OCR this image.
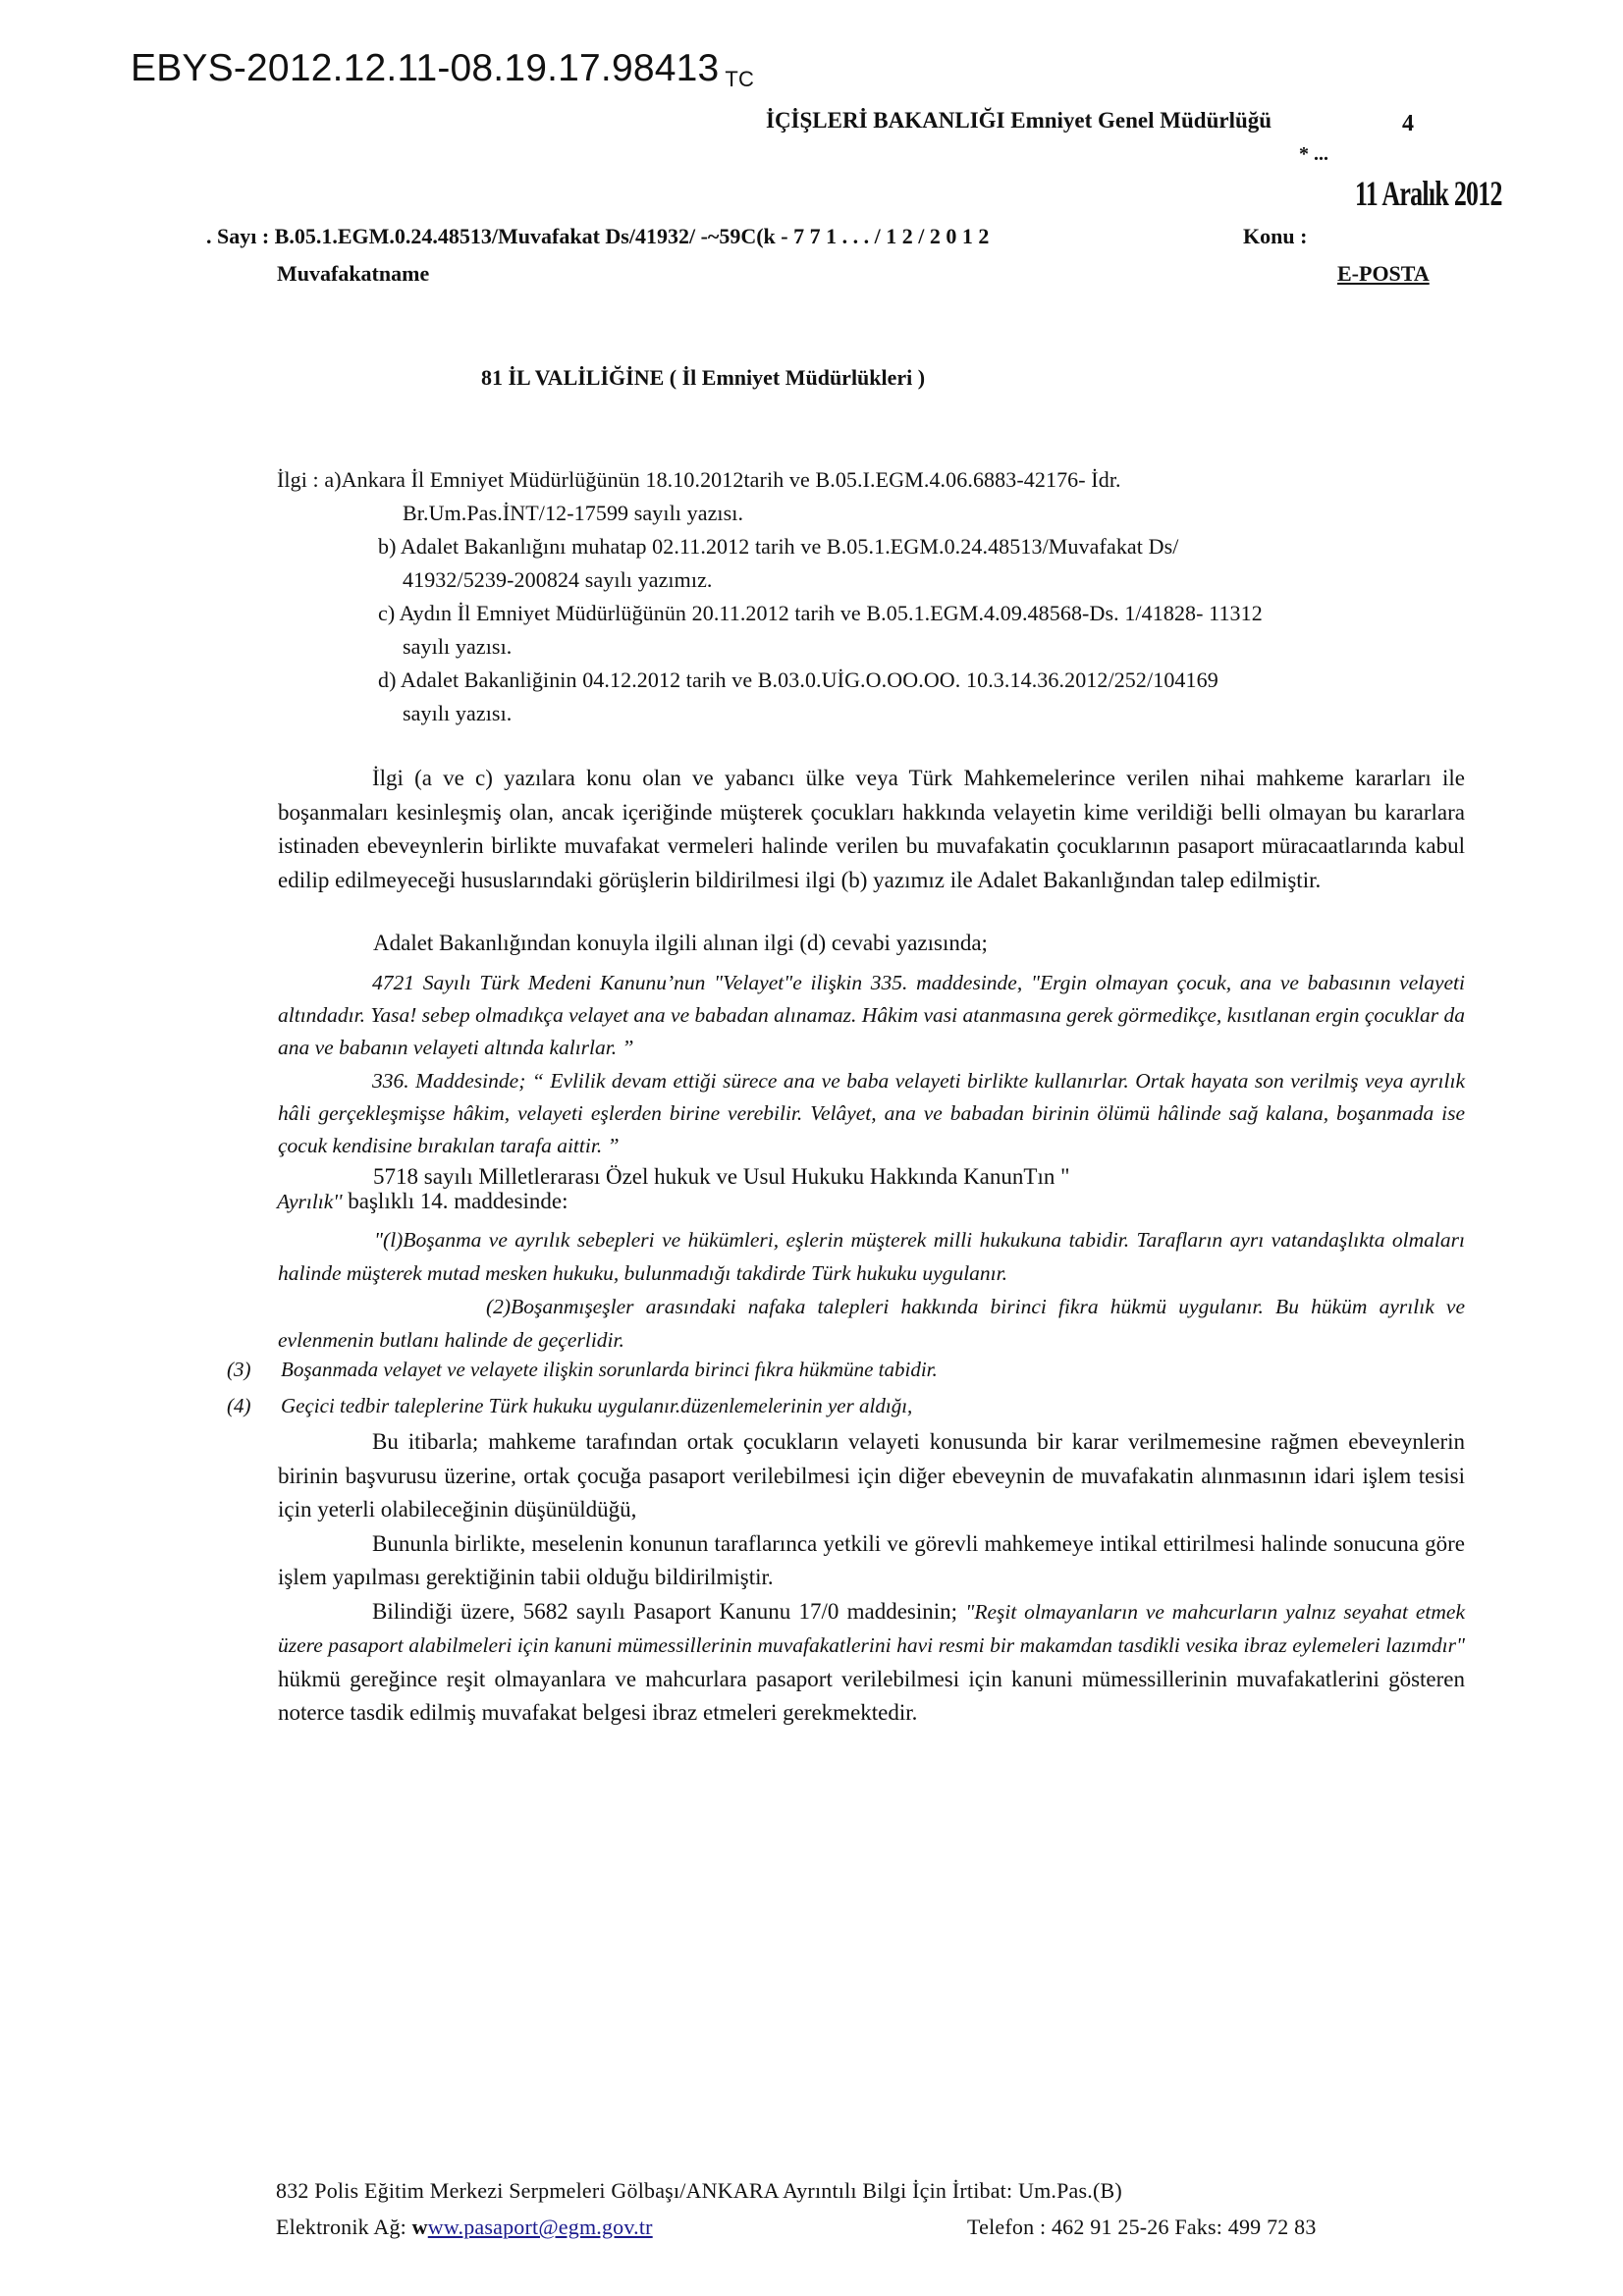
EBYS-2012.12.11-08.19.17.98413 TC
İÇİŞLERİ BAKANLIĞI Emniyet Genel Müdürlüğü	4
* ...
11 Aralık 2012
. Sayı : B.05.1.EGM.0.24.48513/Muvafakat Ds/41932/ -~59C(k - 7 7 1 . . . / 1 2 / 2 0 1 2	Konu :
Muvafakatname	E-POSTA
81 İL VALİLİĞİNE ( İl Emniyet Müdürlükleri )
İlgi : a)Ankara İl Emniyet Müdürlüğünün 18.10.2012tarih ve B.05.I.EGM.4.06.6883-42176- İdr.
Br.Um.Pas.İNT/12-17599 sayılı yazısı.
b) Adalet Bakanlığını muhatap 02.11.2012 tarih ve B.05.1.EGM.0.24.48513/Muvafakat Ds/
41932/5239-200824 sayılı yazımız.
c) Aydın İl Emniyet Müdürlüğünün 20.11.2012 tarih ve B.05.1.EGM.4.09.48568-Ds. 1/41828- 11312
sayılı yazısı.
d) Adalet Bakanliğinin 04.12.2012 tarih ve B.03.0.UİG.O.OO.OO. 10.3.14.36.2012/252/104169
sayılı yazısı.

İlgi (a ve c) yazılara konu olan ve yabancı ülke veya Türk Mahkemelerince verilen nihai mahkeme kararları ile boşanmaları kesinleşmiş olan, ancak içeriğinde müşterek çocukları hakkında velayetin kime verildiği belli olmayan bu kararlara istinaden ebeveynlerin birlikte muvafakat vermeleri halinde verilen bu muvafakatin çocuklarının pasaport müracaatlarında kabul edilip edilmeyeceği hususlarındaki görüşlerin bildirilmesi ilgi (b) yazımız ile Adalet Bakanlığından talep edilmiştir.

Adalet Bakanlığından konuyla ilgili alınan ilgi (d) cevabi yazısında;

4721 Sayılı Türk Medeni Kanunu’nun "Velayet"e ilişkin 335. maddesinde, "Ergin olmayan çocuk, ana ve babasının velayeti altındadır. Yasa! sebep olmadıkça velayet ana ve babadan alınamaz. Hâkim vasi atanmasına gerek görmedikçe, kısıtlanan ergin çocuklar da ana ve babanın velayeti altında kalırlar. ”

336. Maddesinde; “ Evlilik devam ettiği sürece ana ve baba velayeti birlikte kullanırlar. Ortak hayata son verilmiş veya ayrılık hâli gerçekleşmişse hâkim, velayeti eşlerden birine verebilir. Velâyet, ana ve babadan birinin ölümü hâlinde sağ kalana, boşanmada ise çocuk kendisine bırakılan tarafa aittir. ”

5718 sayılı Milletlerarası Özel hukuk ve Usul Hukuku Hakkında KanunTın "
Ayrılık'' başlıklı 14. maddesinde:

"(l)Boşanma ve ayrılık sebepleri ve hükümleri, eşlerin müşterek milli hukukuna tabidir. Tarafların ayrı vatandaşlıkta olmaları halinde müşterek mutad mesken hukuku, bulunmadığı takdirde Türk hukuku uygulanır.

(2)Boşanmışeşler arasındaki nafaka talepleri hakkında birinci fikra hükmü uygulanır. Bu hüküm ayrılık ve evlenmenin butlanı halinde de geçerlidir.

(3) Boşanmada velayet ve velayete ilişkin sorunlarda birinci fıkra hükmüne tabidir.
(4) Geçici tedbir taleplerine Türk hukuku uygulanır.düzenlemelerinin yer aldığı,

Bu itibarla; mahkeme tarafından ortak çocukların velayeti konusunda bir karar verilmemesine rağmen ebeveynlerin birinin başvurusu üzerine, ortak çocuğa pasaport verilebilmesi için diğer ebeveynin de muvafakatin alınmasının idari işlem tesisi için yeterli olabileceğinin düşünüldüğü,

Bununla birlikte, meselenin konunun taraflarınca yetkili ve görevli mahkemeye intikal ettirilmesi halinde sonucuna göre işlem yapılması gerektiğinin tabii olduğu bildirilmiştir.

Bilindiği üzere, 5682 sayılı Pasaport Kanunu 17/0 maddesinin; "Reşit olmayanların ve mahcurların yalnız seyahat etmek üzere pasaport alabilmeleri için kanuni mümessillerinin muvafakatlerini havi resmi bir makamdan tasdikli vesika ibraz eylemeleri lazımdır" hükmü gereğince reşit olmayanlara ve mahcurlara pasaport verilebilmesi için kanuni mümessillerinin muvafakatlerini gösteren noterce tasdik edilmiş muvafakat belgesi ibraz etmeleri gerekmektedir.

832 Polis Eğitim Merkezi Serpmeleri Gölbaşı/ANKARA Ayrıntılı Bilgi İçin İrtibat: Um.Pas.(B)
Elektronik Ağ: www.pasaport@egm.gov.tr	Telefon : 462 91 25-26 Faks: 499 72 83
